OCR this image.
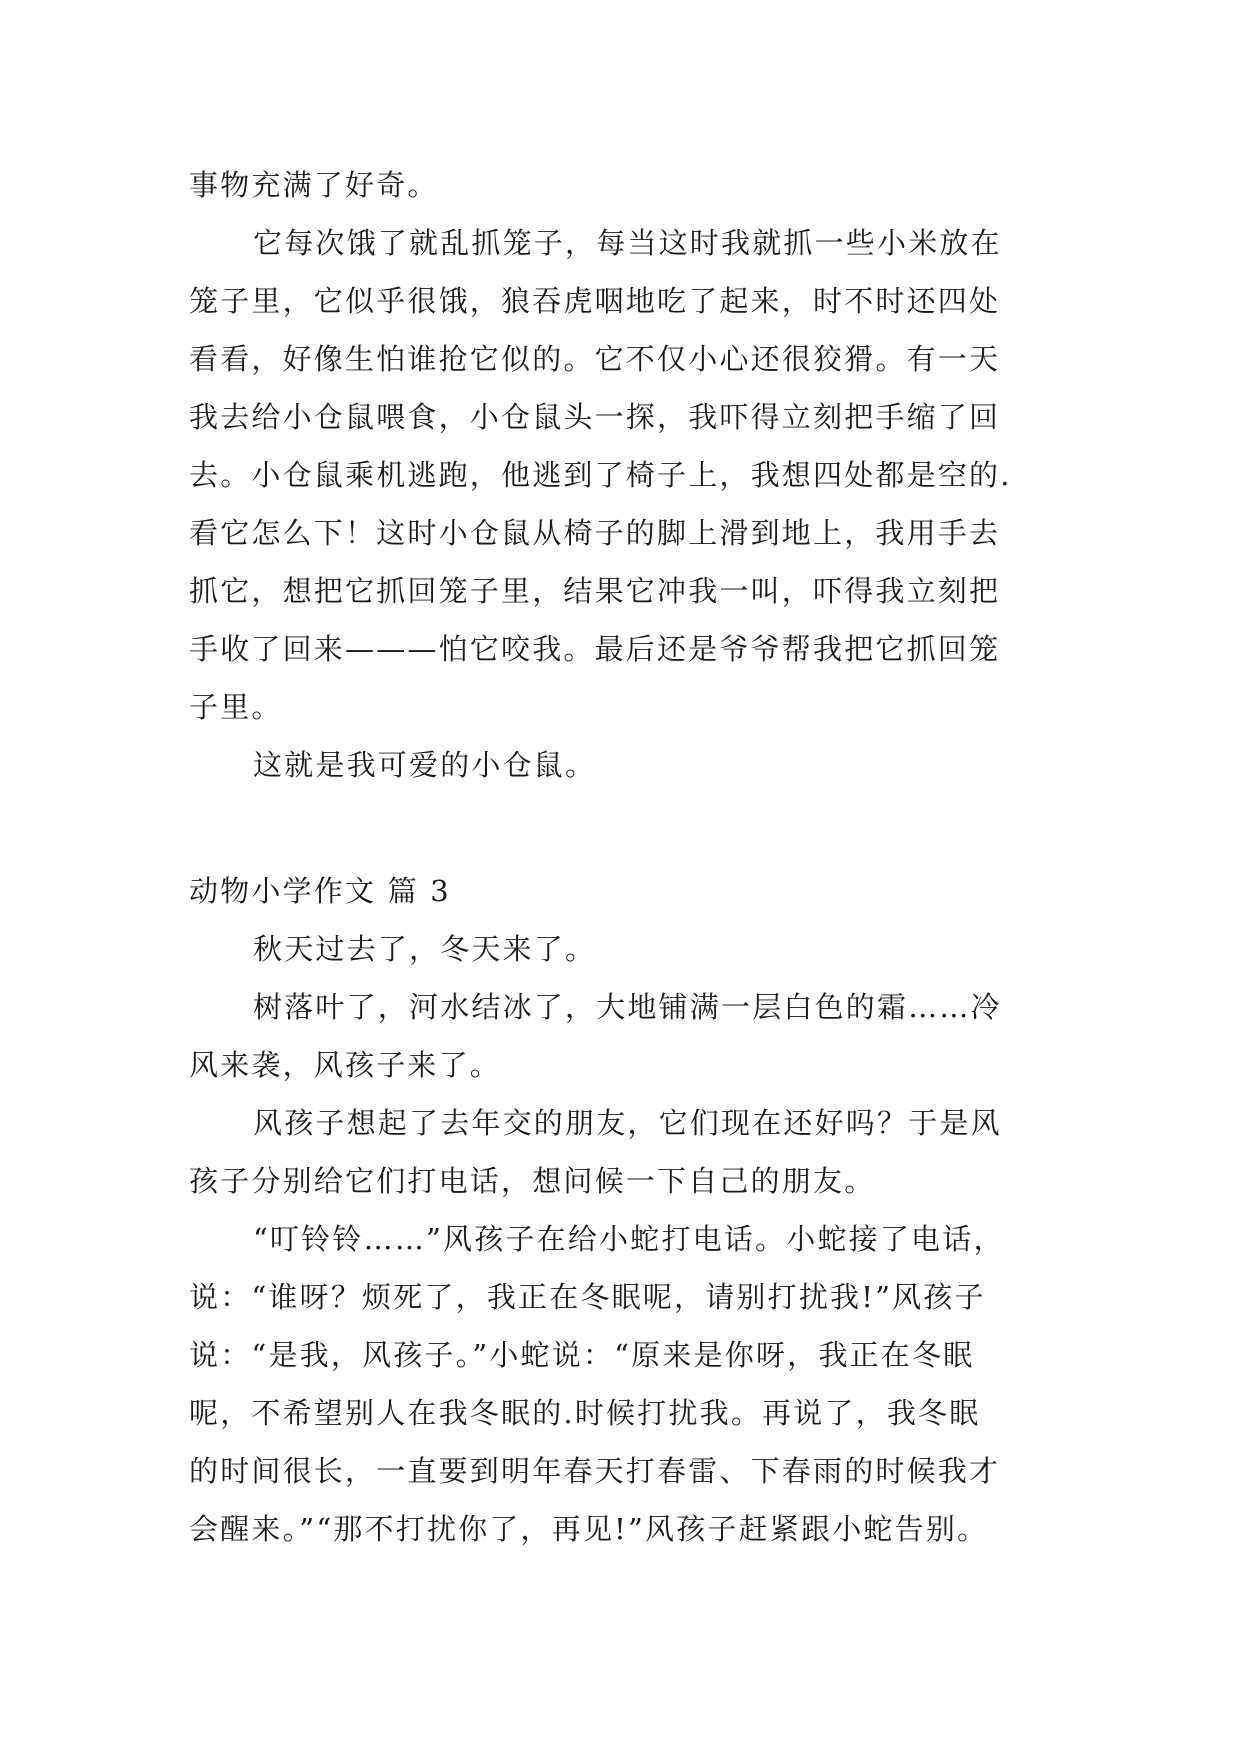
事物充满了好奇。
它每次饿了就乱抓笼子，每当这时我就抓一些小米放在
笼子里，它似乎很饿，狼吞虎咽地吃了起来，时不时还四处
看看，好像生怕谁抢它似的。它不仅小心还很狡猾。有一天
我去给小仓鼠喂食，小仓鼠头一探，我吓得立刻把手缩了回
去。小仓鼠乘机逃跑，他逃到了椅子上，我想四处都是空的.
看它怎么下！这时小仓鼠从椅子的脚上滑到地上，我用手去
抓它，想把它抓回笼子里，结果它冲我一叫，吓得我立刻把
手收了回来———怕它咬我。最后还是爷爷帮我把它抓回笼
子里。
这就是我可爱的小仓鼠。
动物小学作文 篇 3
秋天过去了，冬天来了。
树落叶了，河水结冰了，大地铺满一层白色的霜……冷
风来袭，风孩子来了。
风孩子想起了去年交的朋友，它们现在还好吗？于是风
孩子分别给它们打电话，想问候一下自己的朋友。
“叮铃铃……”风孩子在给小蛇打电话。小蛇接了电话，
说：“谁呀？烦死了，我正在冬眠呢，请别打扰我!”风孩子
说：“是我，风孩子。”小蛇说：“原来是你呀，我正在冬眠
呢，不希望别人在我冬眠的.时候打扰我。再说了，我冬眠
的时间很长，一直要到明年春天打春雷、下春雨的时候我才
会醒来。”“那不打扰你了，再见!”风孩子赶紧跟小蛇告别。
